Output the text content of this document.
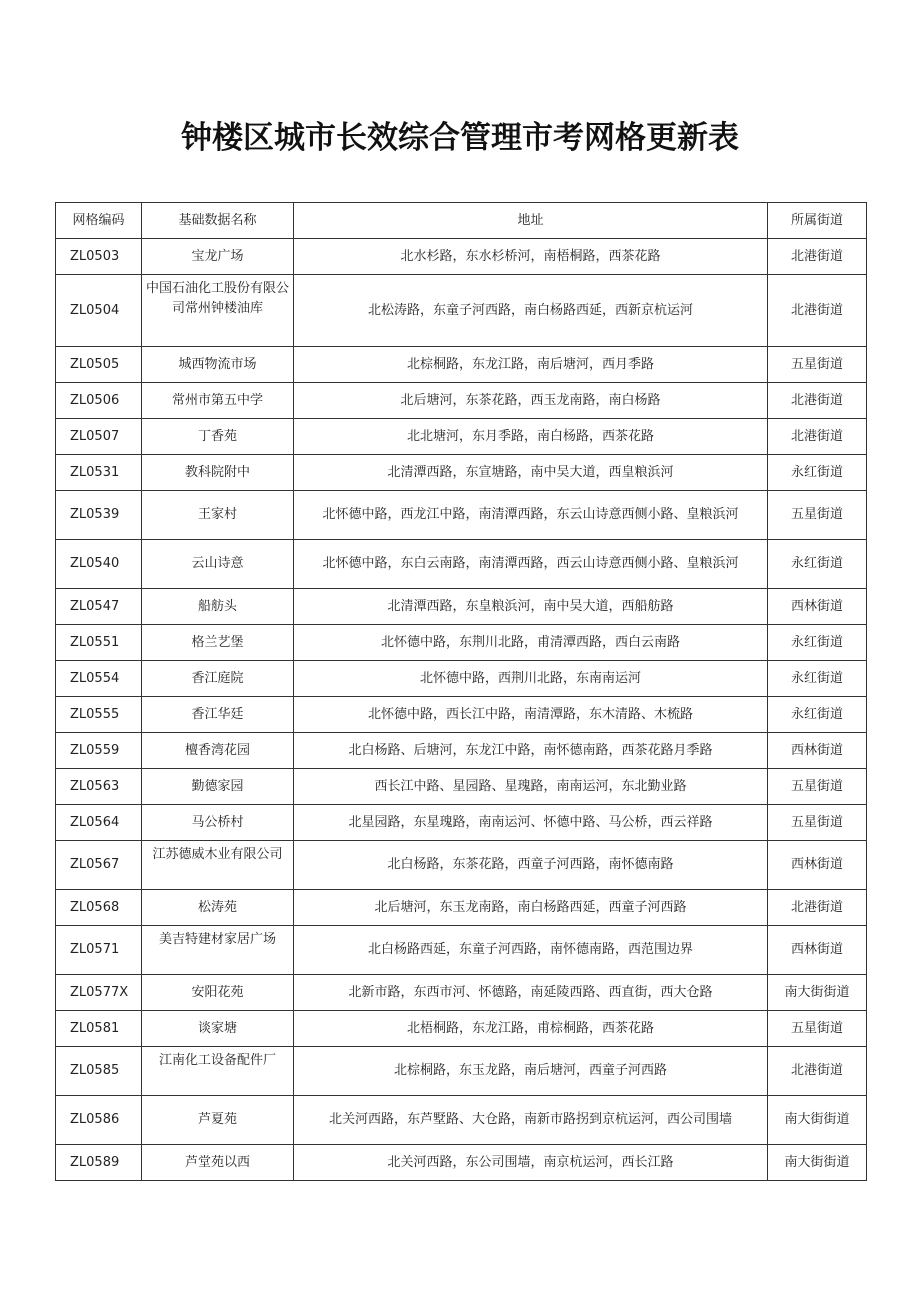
钟楼区城市长效综合管理市考网格更新表
网格编码	基础数据名称	地址	所属街道
ZL0503	宝龙广场	北水杉路，东水杉桥河，南梧桐路，西茶花路	北港街道
ZL0504	中国石油化工股份有限公司常州钟楼油库	北松涛路，东童子河西路，南白杨路西延，西新京杭运河	北港街道
ZL0505	城西物流市场	北棕桐路，东龙江路，南后塘河，西月季路	五星街道
ZL0506	常州市第五中学	北后塘河，东茶花路，西玉龙南路，南白杨路	北港街道
ZL0507	丁香苑	北北塘河，东月季路，南白杨路，西茶花路	北港街道
ZL0531	教科院附中	北清潭西路，东宣塘路，南中吴大道，西皇粮浜河	永红街道
ZL0539	王家村	北怀德中路，西龙江中路，南清潭西路，东云山诗意西侧小路、皇粮浜河	五星街道
ZL0540	云山诗意	北怀德中路，东白云南路，南清潭西路，西云山诗意西侧小路、皇粮浜河	永红街道
ZL0547	船舫头	北清潭西路，东皇粮浜河，南中吴大道，西船舫路	西林街道
ZL0551	格兰艺堡	北怀德中路，东荆川北路，甫清潭西路，西白云南路	永红街道
ZL0554	香江庭院	北怀德中路，西荆川北路，东南南运河	永红街道
ZL0555	香江华廷	北怀德中路，西长江中路，南清潭路，东木清路、木梳路	永红街道
ZL0559	檀香湾花园	北白杨路、后塘河，东龙江中路，南怀德南路，西茶花路月季路	西林街道
ZL0563	勤德家园	西长江中路、星园路、星瑰路，南南运河，东北勤业路	五星街道
ZL0564	马公桥村	北星园路，东星瑰路，南南运河、怀德中路、马公桥，西云祥路	五星街道
ZL0567	江苏德威木业有限公司	北白杨路，东茶花路，西童子河西路，南怀德南路	西林街道
ZL0568	松涛苑	北后塘河，东玉龙南路，南白杨路西延，西童子河西路	北港街道
ZL0571	美吉特建材家居广场	北白杨路西延，东童子河西路，南怀德南路，西范围边界	西林街道
ZL0577X	安阳花苑	北新市路，东西市河、怀德路，南延陵西路、西直街，西大仓路	南大街街道
ZL0581	谈家塘	北梧桐路，东龙江路，甫棕桐路，西茶花路	五星街道
ZL0585	江南化工设备配件厂	北棕桐路，东玉龙路，南后塘河，西童子河西路	北港街道
ZL0586	芦夏苑	北关河西路，东芦墅路、大仓路，南新市路拐到京杭运河，西公司围墙	南大街街道
ZL0589	芦堂苑以西	北关河西路，东公司围墙，南京杭运河，西长江路	南大街街道
